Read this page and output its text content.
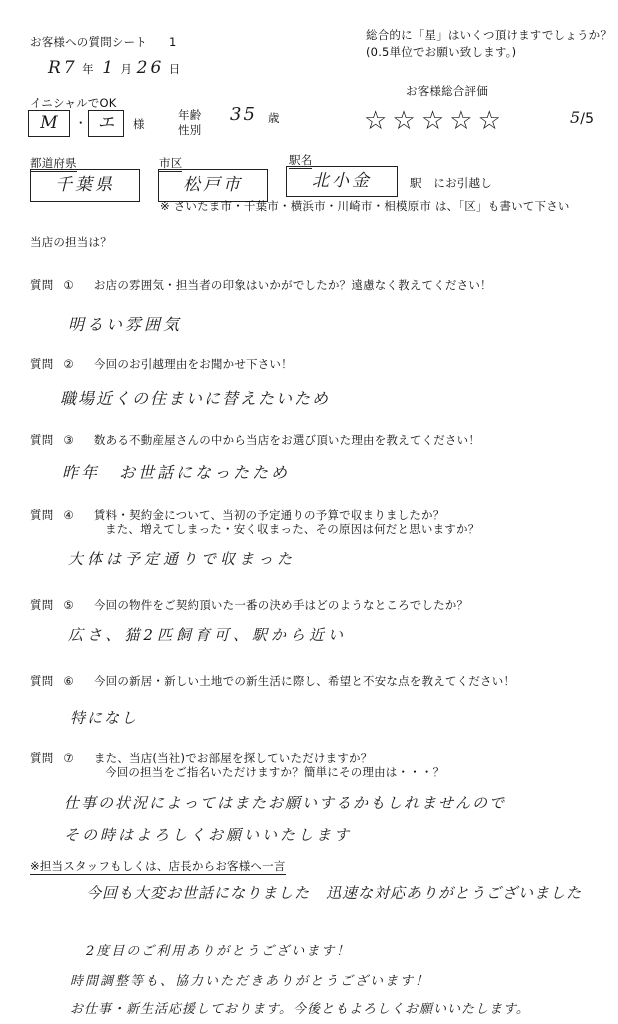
お客様への質問シート 1
R7 年 1 月 26 日
総合的に「星」はいくつ頂けますでしょうか？
(0.5単位でお願い致します。)
お客様総合評価
☆ ☆ ☆ ☆ ☆	5/5
イニシャルでOK
M	・ エ	様
年齢
性別
35 歳
都道府県
千葉県
市区
松戸市
駅名
北小金	駅　にお引越し
※ さいたま市・千葉市・横浜市・川崎市・相模原市 は、「区」も書いて下さい
当店の担当は？
質問 ① お店の雰囲気・担当者の印象はいかがでしたか？遠慮なく教えてください！
明るい雰囲気
質問 ② 今回のお引越理由をお聞かせ下さい！
職場近くの住まいに替えたいため
質問 ③ 数ある不動産屋さんの中から当店をお選び頂いた理由を教えてください！
昨年　お世話になったため
質問 ④ 賃料・契約金について、当初の予定通りの予算で収まりましたか？
また、増えてしまった・安く収まった、その原因は何だと思いますか？
大体は予定通りで収まった
質問 ⑤ 今回の物件をご契約頂いた一番の決め手はどのようなところでしたか？
広さ、猫2匹飼育可、駅から近い
質問 ⑥ 今回の新居・新しい土地での新生活に際し、希望と不安な点を教えてください！
特になし
質問 ⑦ また、当店(当社)でお部屋を探していただけますか？
今回の担当をご指名いただけますか？簡単にその理由は・・・？
仕事の状況によってはまたお願いするかもしれませんので
その時はよろしくお願いいたします
※担当スタッフもしくは、店長からお客様へ一言
今回も大変お世話になりました　迅速な対応ありがとうございました
2度目のご利用ありがとうございます！
時間調整等も、協力いただきありがとうございます！
お仕事・新生活応援しております。今後ともよろしくお願いいたします。
